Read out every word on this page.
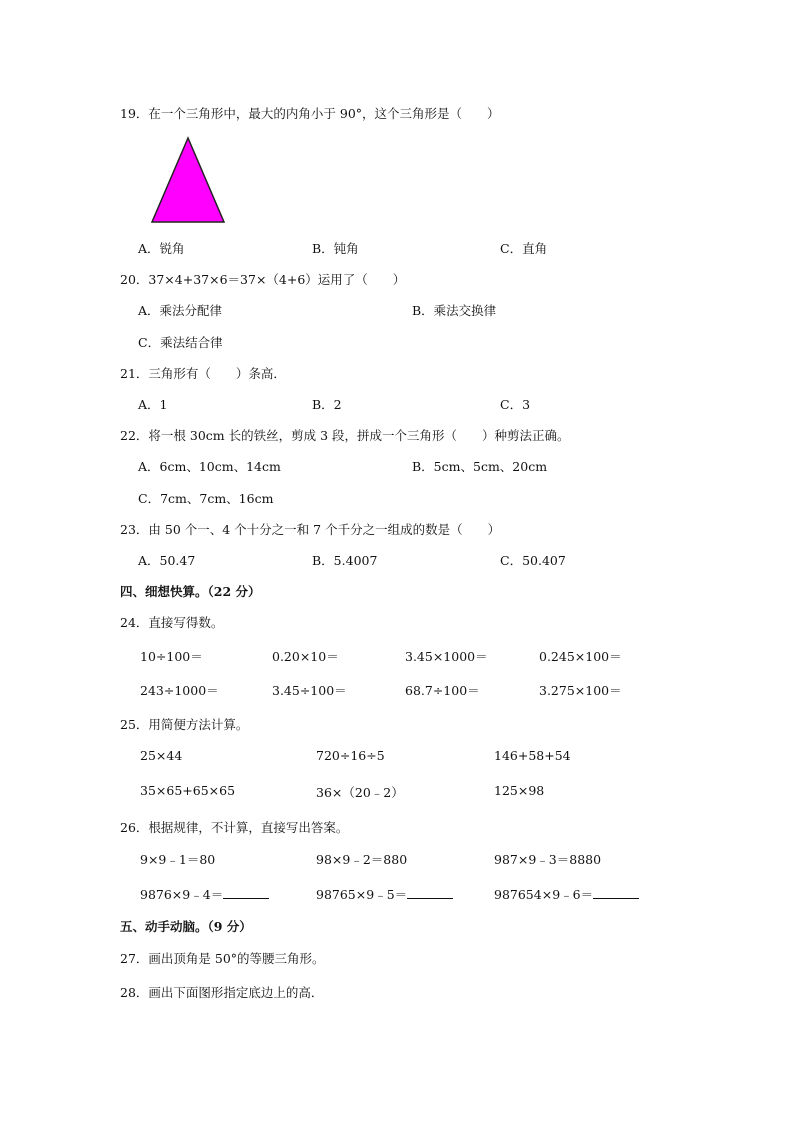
19．在一个三角形中，最大的内角小于 90°，这个三角形是（　　）
A．锐角	B．钝角	C．直角
20．37×4+37×6＝37×（4+6）运用了（　　）
A．乘法分配律	B．乘法交换律
C．乘法结合律
21．三角形有（　　）条高．
A．1	B．2	C．3
22．将一根 30cm 长的铁丝，剪成 3 段，拼成一个三角形（　　）种剪法正确。
A．6cm、10cm、14cm	B．5cm、5cm、20cm
C．7cm、7cm、16cm
23．由 50 个一、4 个十分之一和 7 个千分之一组成的数是（　　）
A．50.47	B．5.4007	C．50.407
四、细想快算。（22 分）
24．直接写得数。
10÷100＝	0.20×10＝	3.45×1000＝	0.245×100＝
243÷1000＝	3.45÷100＝	68.7÷100＝	3.275×100＝
25．用简便方法计算。
25×44	720÷16÷5	146+58+54
35×65+65×65	36×（20﹣2）	125×98
26．根据规律，不计算，直接写出答案。
9×9﹣1＝80	98×9﹣2＝880	987×9﹣3＝8880
9876×9﹣4＝	98765×9﹣5＝	987654×9﹣6＝
五、动手动脑。（9 分）
27．画出顶角是 50°的等腰三角形。
28．画出下面图形指定底边上的高．
